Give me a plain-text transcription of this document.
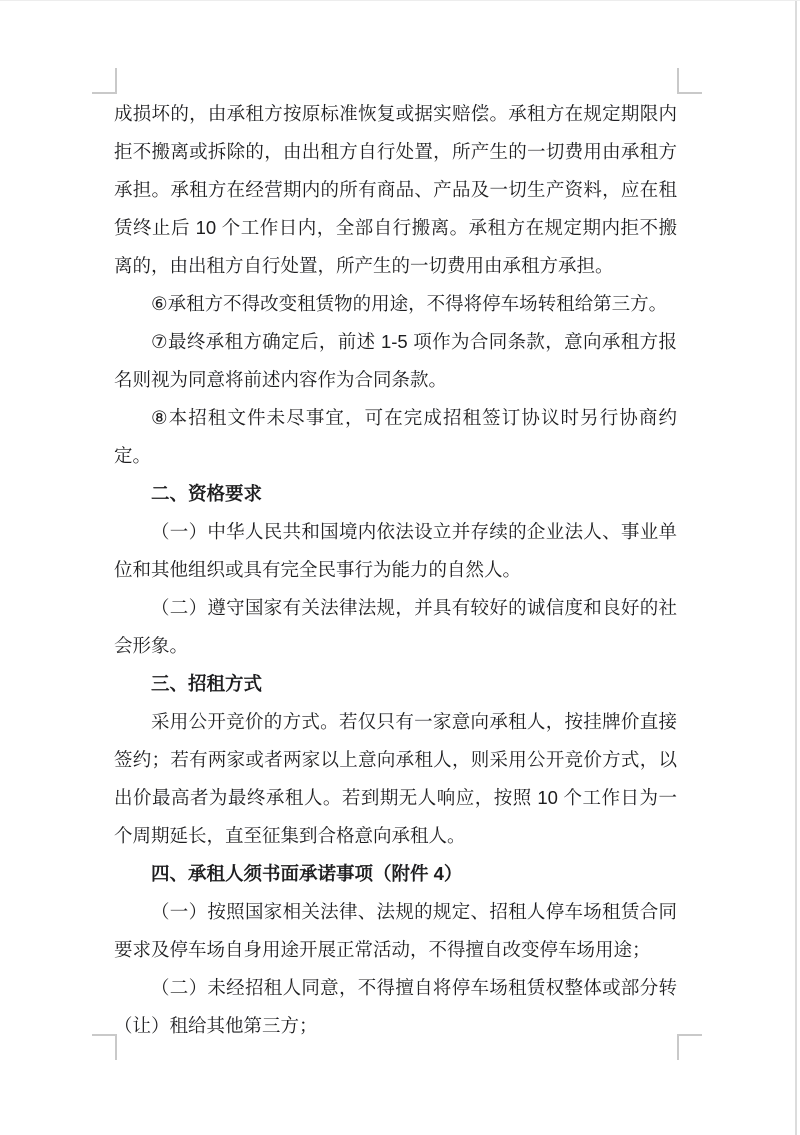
成损坏的，由承租方按原标准恢复或据实赔偿。承租方在规定期限内拒不搬离或拆除的，由出租方自行处置，所产生的一切费用由承租方承担。承租方在经营期内的所有商品、产品及一切生产资料，应在租赁终止后 10 个工作日内，全部自行搬离。承租方在规定期内拒不搬离的，由出租方自行处置，所产生的一切费用由承租方承担。

⑥承租方不得改变租赁物的用途，不得将停车场转租给第三方。

⑦最终承租方确定后，前述 1-5 项作为合同条款，意向承租方报名则视为同意将前述内容作为合同条款。

⑧本招租文件未尽事宜，可在完成招租签订协议时另行协商约定。

二、资格要求

（一）中华人民共和国境内依法设立并存续的企业法人、事业单位和其他组织或具有完全民事行为能力的自然人。

（二）遵守国家有关法律法规，并具有较好的诚信度和良好的社会形象。

三、招租方式

采用公开竞价的方式。若仅只有一家意向承租人，按挂牌价直接签约；若有两家或者两家以上意向承租人，则采用公开竞价方式，以出价最高者为最终承租人。若到期无人响应，按照 10 个工作日为一个周期延长，直至征集到合格意向承租人。

四、承租人须书面承诺事项（附件 4）

（一）按照国家相关法律、法规的规定、招租人停车场租赁合同要求及停车场自身用途开展正常活动，不得擅自改变停车场用途；

（二）未经招租人同意，不得擅自将停车场租赁权整体或部分转（让）租给其他第三方；
